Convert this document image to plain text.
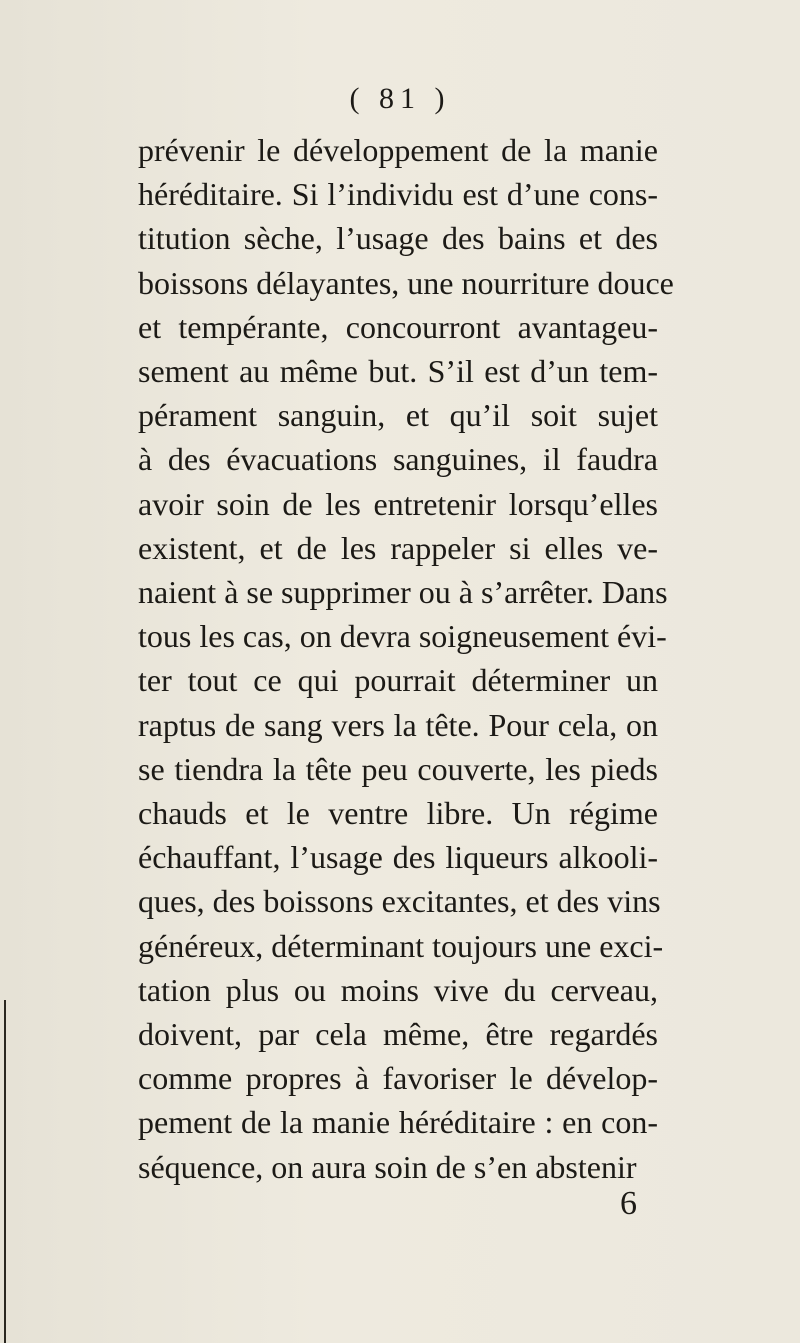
( 81 )
prévenir le développement de la manie
héréditaire. Si l’individu est d’une cons-
titution sèche, l’usage des bains et des
boissons délayantes, une nourriture douce
et tempérante, concourront avantageu-
sement au même but. S’il est d’un tem-
pérament sanguin, et qu’il soit sujet
à des évacuations sanguines, il faudra
avoir soin de les entretenir lorsqu’elles
existent, et de les rappeler si elles ve-
naient à se supprimer ou à s’arrêter. Dans
tous les cas, on devra soigneusement évi-
ter tout ce qui pourrait déterminer un
raptus de sang vers la tête. Pour cela, on
se tiendra la tête peu couverte, les pieds
chauds et le ventre libre. Un régime
échauffant, l’usage des liqueurs alkooli-
ques, des boissons excitantes, et des vins
généreux, déterminant toujours une exci-
tation plus ou moins vive du cerveau,
doivent, par cela même, être regardés
comme propres à favoriser le dévelop-
pement de la manie héréditaire : en con-
séquence, on aura soin de s’en abstenir
6
